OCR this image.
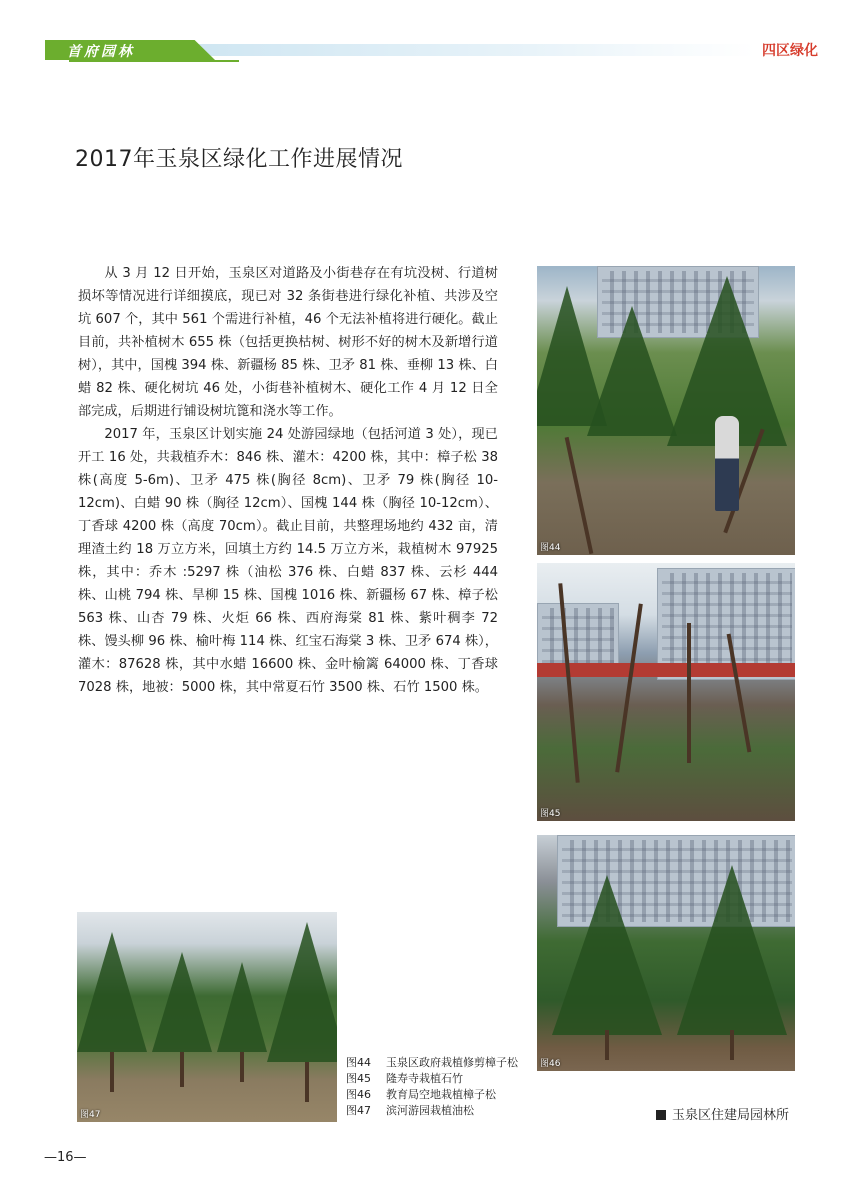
首府园林	四区绿化
2017年玉泉区绿化工作进展情况

从 3 月 12 日开始，玉泉区对道路及小街巷存在有坑没树、行道树损坏等情况进行详细摸底，现已对 32 条街巷进行绿化补植、共涉及空坑 607 个，其中 561 个需进行补植，46 个无法补植将进行硬化。截止目前，共补植树木 655 株（包括更换枯树、树形不好的树木及新增行道树），其中，国槐 394 株、新疆杨 85 株、卫矛 81 株、垂柳 13 株、白蜡 82 株、硬化树坑 46 处，小街巷补植树木、硬化工作 4 月 12 日全部完成，后期进行铺设树坑篦和浇水等工作。

2017 年，玉泉区计划实施 24 处游园绿地（包括河道 3 处），现已开工 16 处，共栽植乔木：846 株、灌木：4200 株，其中：樟子松 38 株(高度 5-6m)、卫矛 475 株(胸径 8cm)、卫矛 79 株(胸径 10-12cm)、白蜡 90 株（胸径 12cm）、国槐 144 株（胸径 10-12cm）、丁香球 4200 株（高度 70cm）。截止目前，共整理场地约 432 亩，清理渣土约 18 万立方米，回填土方约 14.5 万立方米，栽植树木 97925 株，其中：乔木 :5297 株（油松 376 株、白蜡 837 株、云杉 444 株、山桃 794 株、旱柳 15 株、国槐 1016 株、新疆杨 67 株、樟子松 563 株、山杏 79 株、火炬 66 株、西府海棠 81 株、紫叶稠李 72 株、馒头柳 96 株、榆叶梅 114 株、红宝石海棠 3 株、卫矛 674 株），灌木：87628 株，其中水蜡 16600 株、金叶榆篱 64000 株、丁香球 7028 株，地被：5000 株，其中常夏石竹 3500 株、石竹 1500 株。

图44
图45
图46
图47
图44	玉泉区政府栽植修剪樟子松
图45	隆寿寺栽植石竹
图46	教育局空地栽植樟子松
图47	滨河游园栽植油松	玉泉区住建局园林所
—16—
